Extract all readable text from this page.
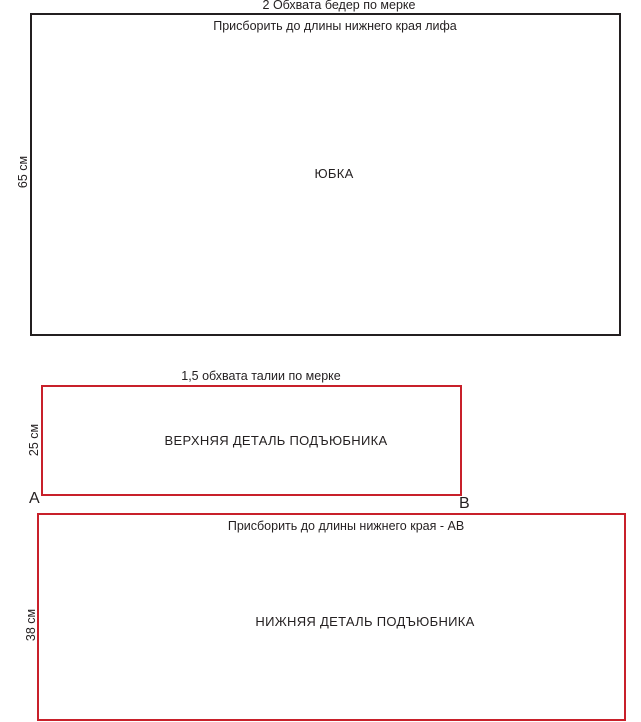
2 Обхвата бедер по мерке
Присборить до длины нижнего края лифа
65 см	ЮБКА
1,5 обхвата талии по мерке
25 см	ВЕРХНЯЯ ДЕТАЛЬ ПОДЪЮБНИКА
А	В
Присборить до длины нижнего края - АВ
38 см	НИЖНЯЯ ДЕТАЛЬ ПОДЪЮБНИКА
